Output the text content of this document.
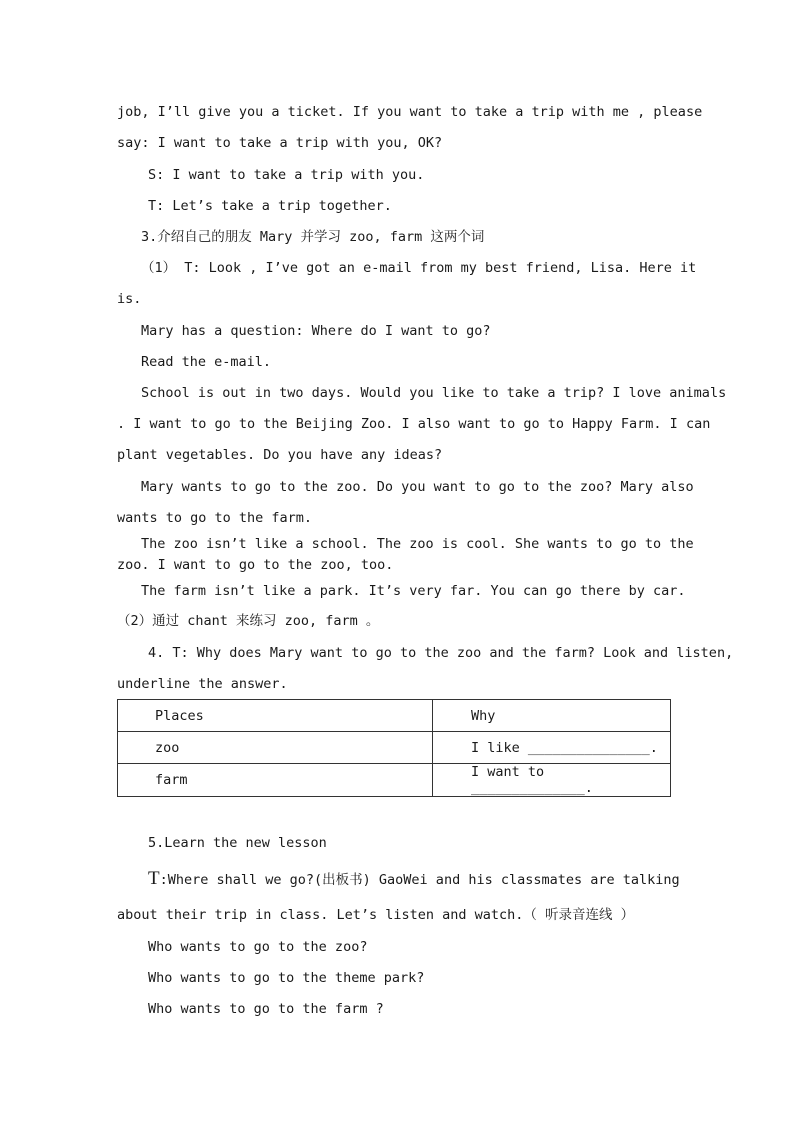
job, I’ll give you a ticket. If you want to take a trip with me , please
say: I want to take a trip with you, OK?
S: I want to take a trip with you.
T: Let’s take a trip together.
3.介绍自己的朋友 Mary 并学习 zoo, farm 这两个词
（1） T: Look , I’ve got an e-mail from my best friend, Lisa. Here it
is.
Mary has a question: Where do I want to go?
Read the e-mail.
School is out in two days. Would you like to take a trip? I love animals
. I want to go to the Beijing Zoo. I also want to go to Happy Farm. I can
plant vegetables. Do you have any ideas?
Mary wants to go to the zoo. Do you want to go to the zoo? Mary also
wants to go to the farm.
The zoo isn’t like a school. The zoo is cool. She wants to go to the
zoo. I want to go to the zoo, too.
The farm isn’t like a park. It’s very far. You can go there by car.
（2）通过 chant 来练习 zoo, farm 。
4. T: Why does Mary want to go to the zoo and the farm? Look and listen,
underline the answer.
Places	Why
zoo	I like _______________.
farm	I want to ______________.
5.Learn the new lesson
T:Where shall we go?(出板书) GaoWei and his classmates are talking
about their trip in class. Let’s listen and watch.（ 听录音连线 ）
Who wants to go to the zoo?
Who wants to go to the theme park?
Who wants to go to the farm ?
